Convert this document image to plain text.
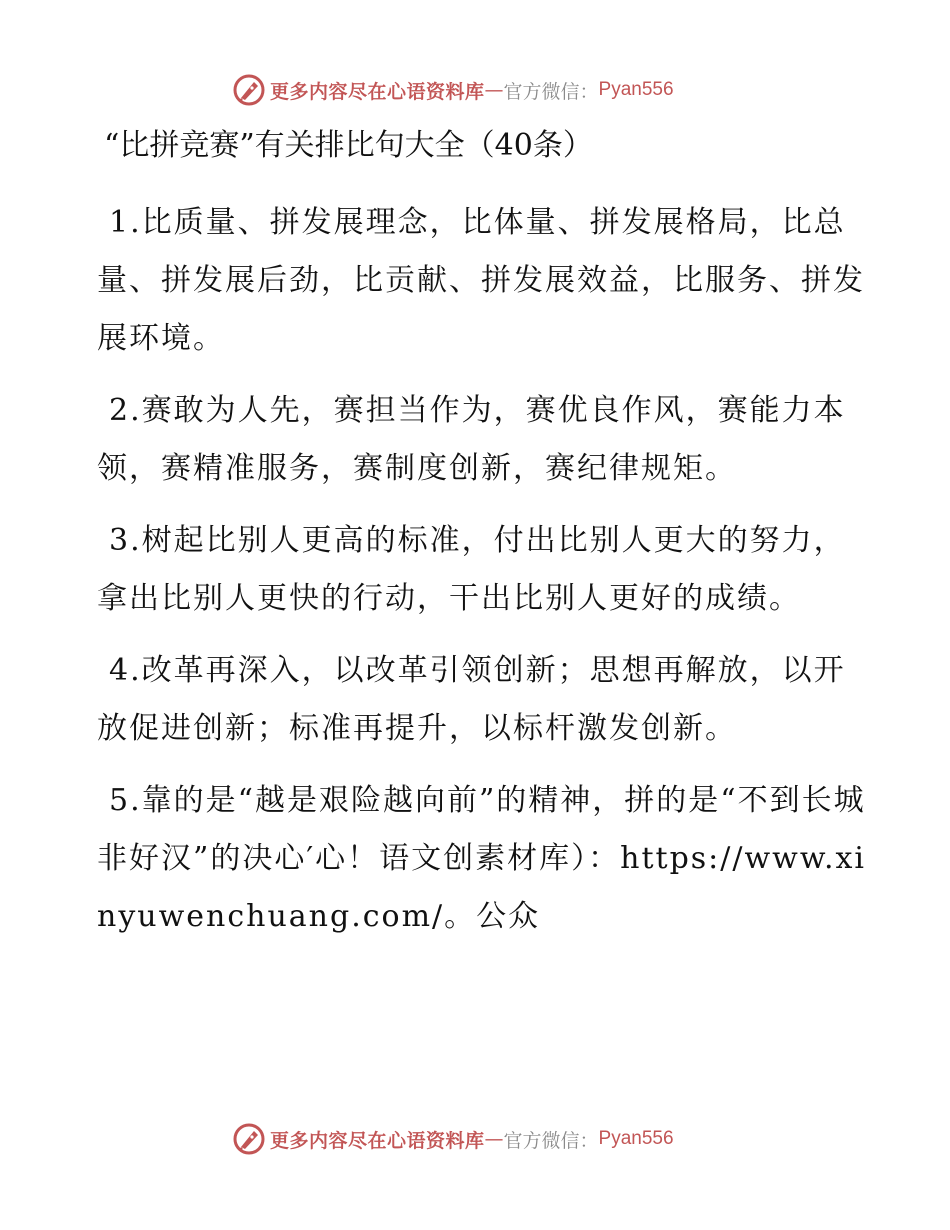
更多内容尽在心语资料库 — 官方微信： Pyan556
“比拼竞赛”有关排比句大全（40条）

1.比质量、拼发展理念，比体量、拼发展格局，比总量、拼发展后劲，比贡献、拼发展效益，比服务、拼发展环境。

2.赛敢为人先，赛担当作为，赛优良作风，赛能力本领，赛精准服务，赛制度创新，赛纪律规矩。

3.树起比别人更高的标准，付出比别人更大的努力，拿出比别人更快的行动，干出比别人更好的成绩。

4.改革再深入，以改革引领创新；思想再解放，以开放促进创新；标准再提升，以标杆激发创新。

5.靠的是“越是艰险越向前”的精神，拼的是“不到长城非好汉”的决心′心！语文创素材库）：https://www.xinyuwenchuang.com/。公众

更多内容尽在心语资料库 — 官方微信： Pyan556
